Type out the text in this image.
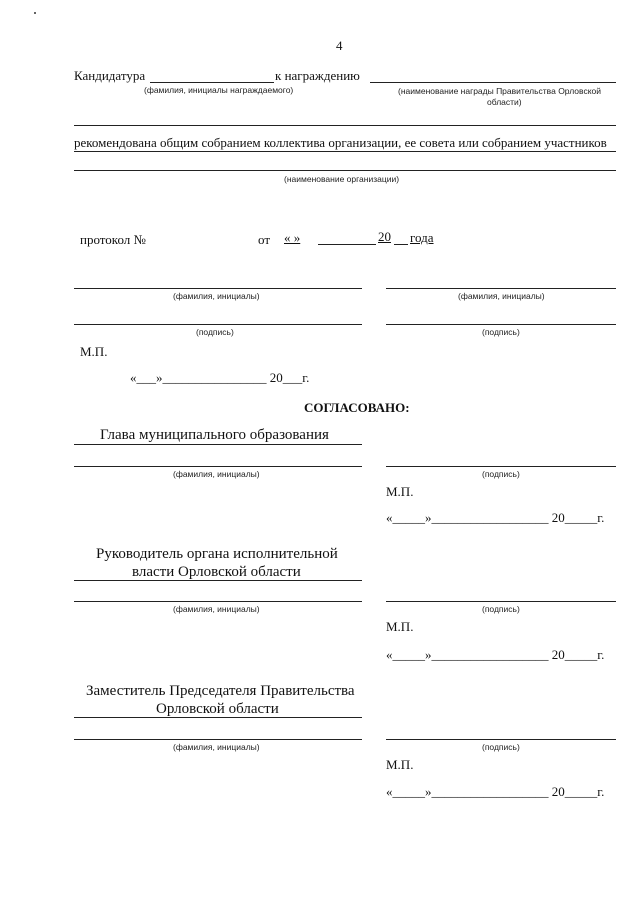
4
Кандидатура	к награждению
(фамилия, инициалы награждаемого)	(наименование награды Правительства Орловской
области)
рекомендована общим собранием коллектива организации, ее совета или собранием участников
(наименование организации)
протокол №	от « »	20 года
(фамилия, инициалы)	(фамилия, инициалы)
(подпись)	(подпись)
М.П.
«___»________________ 20___г.
СОГЛАСОВАНО:
Глава муниципального образования
(фамилия, инициалы)	(подпись)
М.П.
«_____»__________________ 20_____г.
Руководитель органа исполнительной
власти Орловской области
(фамилия, инициалы)	(подпись)
М.П.
«_____»__________________ 20_____г.
Заместитель Председателя Правительства
Орловской области
(фамилия, инициалы)	(подпись)
М.П.
«_____»__________________ 20_____г.
